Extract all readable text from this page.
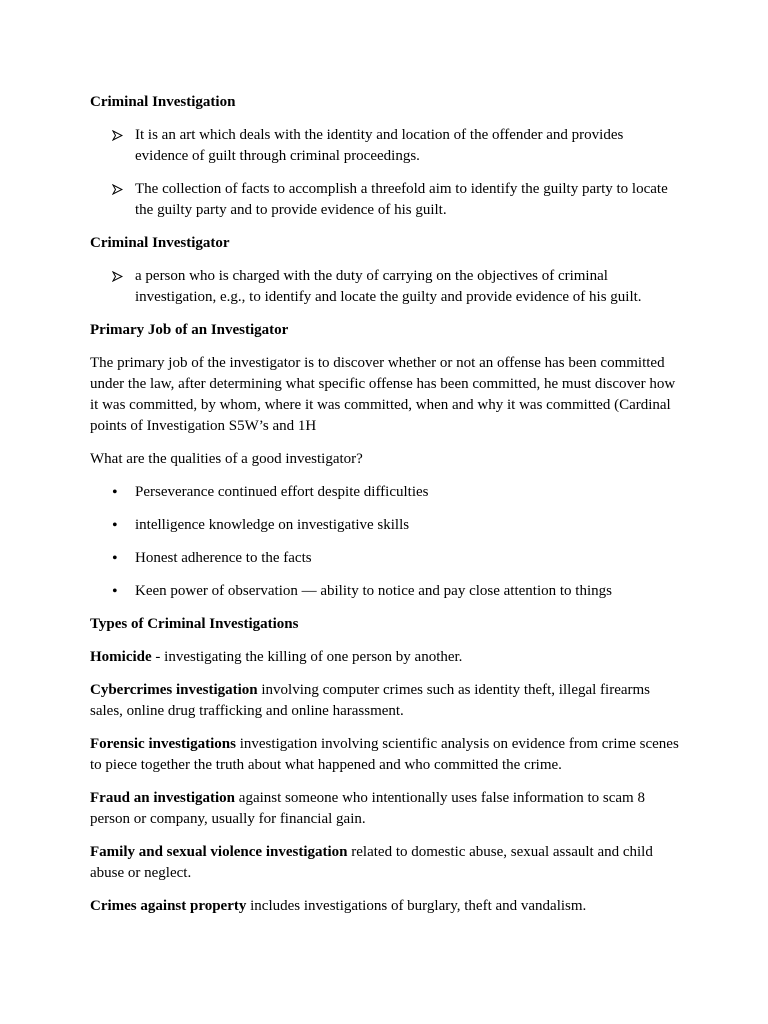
Criminal Investigation

It is an art which deals with the identity and location of the offender and provides evidence of guilt through criminal proceedings.
The collection of facts to accomplish a threefold aim to identify the guilty party to locate the guilty party and to provide evidence of his guilt.

Criminal Investigator

a person who is charged with the duty of carrying on the objectives of criminal investigation, e.g., to identify and locate the guilty and provide evidence of his guilt.

Primary Job of an Investigator

The primary job of the investigator is to discover whether or not an offense has been committed under the law, after determining what specific offense has been committed, he must discover how it was committed, by whom, where it was committed, when and why it was committed (Cardinal points of Investigation S5W’s and 1H

What are the qualities of a good investigator?

•	Perseverance continued effort despite difficulties
•	intelligence knowledge on investigative skills
•	Honest adherence to the facts
•	Keen power of observation — ability to notice and pay close attention to things

Types of Criminal Investigations

Homicide - investigating the killing of one person by another.

Cybercrimes investigation involving computer crimes such as identity theft, illegal firearms sales, online drug trafficking and online harassment.

Forensic investigations investigation involving scientific analysis on evidence from crime scenes to piece together the truth about what happened and who committed the crime.

Fraud an investigation against someone who intentionally uses false information to scam 8 person or company, usually for financial gain.

Family and sexual violence investigation related to domestic abuse, sexual assault and child abuse or neglect.

Crimes against property includes investigations of burglary, theft and vandalism.
